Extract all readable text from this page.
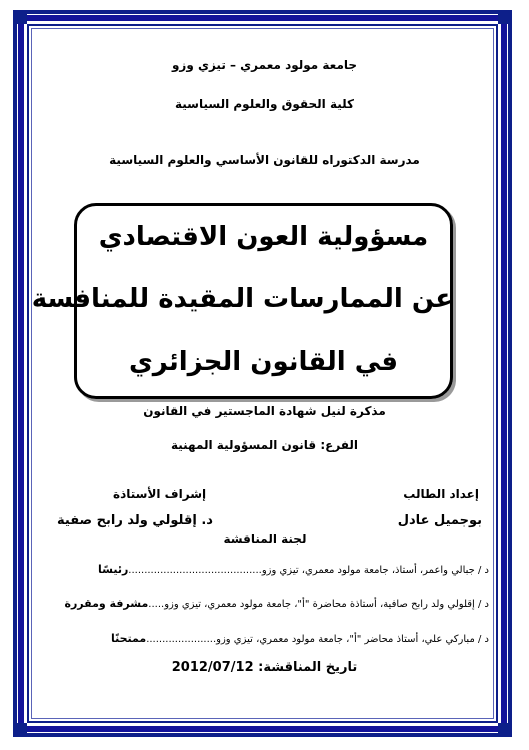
جامعة مولود معمري – تيزي وزو
كلية الحقوق والعلوم السياسية
مدرسة الدكتوراه للقانون الأساسي والعلوم السياسية
مسؤولية العون الاقتصادي
عن الممارسات المقيدة للمنافسة
في القانون الجزائري
مذكرة لنيل شهادة الماجستير في القانون
الفرع: قانون المسؤولية المهنية
إعداد الطالب
إشراف الأستاذة
بوجميل عادل
د. إقلولي ولد رابح صفية
لجنة المناقشة
د / جبالي واعمر، أستاذ، جامعة مولود معمري، تيزي وزو..........................................رئيسًا
د / إقلولي ولد رابح صافية، أستاذة محاضرة "أ"، جامعة مولود معمري، تيزي وزو.....مشرفة ومقررة
د / مباركي علي، أستاذ محاضر "أ"، جامعة مولود معمري، تيزي وزو......................ممتحنًا
تاريخ المناقشة: 2012/07/12
